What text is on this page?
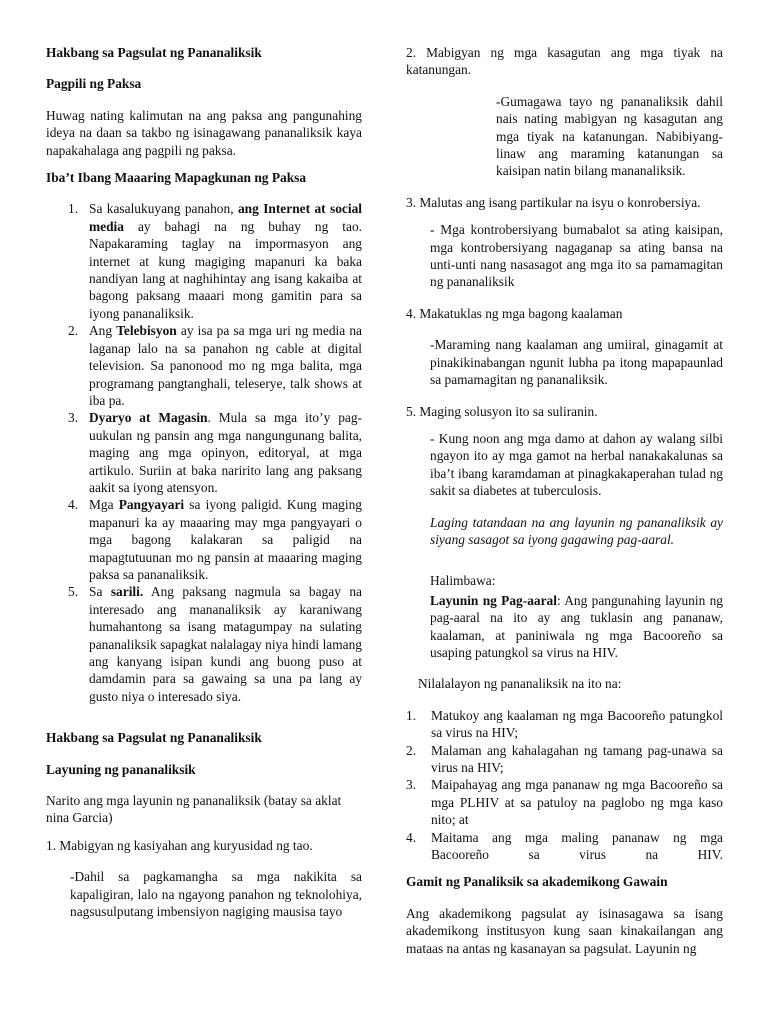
Hakbang sa Pagsulat ng Pananaliksik

Pagpili ng Paksa

Huwag nating kalimutan na ang paksa ang pangunahing ideya na daan sa takbo ng isinagawang pananaliksik kaya napakahalaga ang pagpili ng paksa.

Iba’t Ibang Maaaring Mapagkunan ng Paksa

1. Sa kasalukuyang panahon, ang Internet at social media ay bahagi na ng buhay ng tao. Napakaraming taglay na impormasyon ang internet at kung magiging mapanuri ka baka nandiyan lang at naghihintay ang isang kakaiba at bagong paksang maaari mong gamitin para sa iyong pananaliksik.
2. Ang Telebisyon ay isa pa sa mga uri ng media na laganap lalo na sa panahon ng cable at digital television. Sa panonood mo ng mga balita, mga programang pangtanghali, teleserye, talk shows at iba pa.
3. Dyaryo at Magasin. Mula sa mga ito’y pag-uukulan ng pansin ang mga nangungunang balita, maging ang mga opinyon, editoryal, at mga artikulo. Suriin at baka naririto lang ang paksang aakit sa iyong atensyon.
4. Mga Pangyayari sa iyong paligid. Kung maging mapanuri ka ay maaaring may mga pangyayari o mga bagong kalakaran sa paligid na mapagtutuunan mo ng pansin at maaaring maging paksa sa pananaliksik.
5. Sa sarili. Ang paksang nagmula sa bagay na interesado ang mananaliksik ay karaniwang humahantong sa isang matagumpay na sulating pananaliksik sapagkat nalalagay niya hindi lamang ang kanyang isipan kundi ang buong puso at damdamin para sa gawaing sa una pa lang ay gusto niya o interesado siya.

Hakbang sa Pagsulat ng Pananaliksik

Layuning ng pananaliksik

Narito ang mga layunin ng pananaliksik (batay sa aklat nina Garcia)

1. Mabigyan ng kasiyahan ang kuryusidad ng tao.

-Dahil sa pagkamangha sa mga nakikita sa kapaligiran, lalo na ngayong panahon ng teknolohiya, nagsusulputang imbensiyon nagiging mausisa tayo

2. Mabigyan ng mga kasagutan ang mga tiyak na katanungan.

-Gumagawa tayo ng pananaliksik dahil nais nating mabigyan ng kasagutan ang mga tiyak na katanungan. Nabibiyang-linaw ang maraming katanungan sa kaisipan natin bilang mananaliksik.

3. Malutas ang isang partikular na isyu o konrobersiya.

- Mga kontrobersiyang bumabalot sa ating kaisipan, mga kontrobersiyang nagaganap sa ating bansa na unti-unti nang nasasagot ang mga ito sa pamamagitan ng pananaliksik

4. Makatuklas ng mga bagong kaalaman

-Maraming nang kaalaman ang umiiral, ginagamit at pinakikinabangan ngunit lubha pa itong mapapaunlad sa pamamagitan ng pananaliksik.

5. Maging solusyon ito sa suliranin.

- Kung noon ang mga damo at dahon ay walang silbi ngayon ito ay mga gamot na herbal nanakakalunas sa iba’t ibang karamdaman at pinagkakaperahan tulad ng sakit sa diabetes at tuberculosis.

Laging tatandaan na ang layunin ng pananaliksik ay siyang sasagot sa iyong gagawing pag-aaral.

Halimbawa:

Layunin ng Pag-aaral: Ang pangunahing layunin ng pag-aaral na ito ay ang tuklasin ang pananaw, kaalaman, at paniniwala ng mga Bacooreño sa usaping patungkol sa virus na HIV.

Nilalalayon ng pananaliksik na ito na:

1. Matukoy ang kaalaman ng mga Bacooreño patungkol sa virus na HIV;
2. Malaman ang kahalagahan ng tamang pag-unawa sa virus na HIV;
3. Maipahayag ang mga pananaw ng mga Bacooreño sa mga PLHIV at sa patuloy na paglobo ng mga kaso nito; at
4. Maitama ang mga maling pananaw ng mga Bacooreño sa virus na HIV.

Gamit ng Panaliksik sa akademikong Gawain

Ang akademikong pagsulat ay isinasagawa sa isang akademikong institusyon kung saan kinakailangan ang mataas na antas ng kasanayan sa pagsulat. Layunin ng
